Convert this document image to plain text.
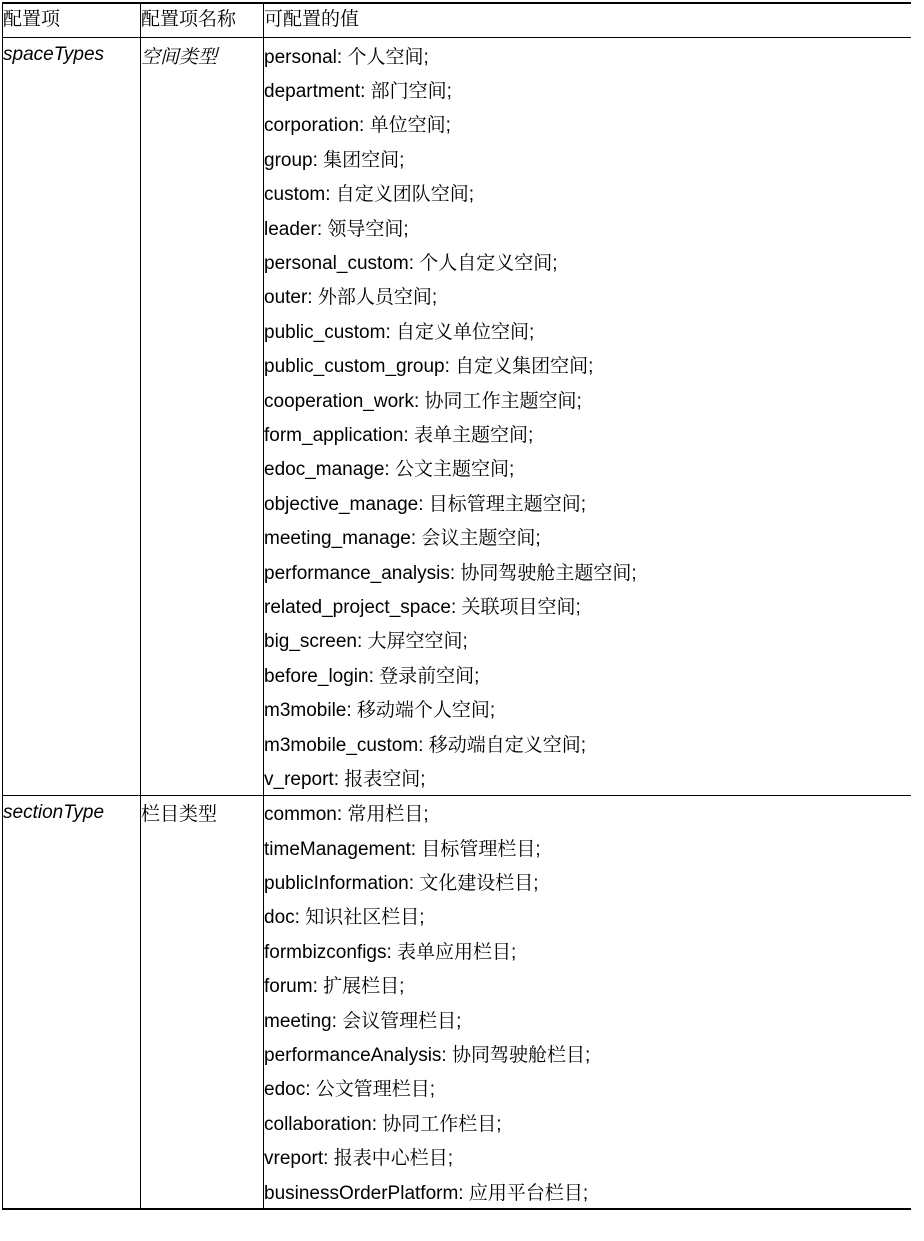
配置项	配置项名称	可配置的值

spaceTypes	空间类型	personal: 个人空间;
department: 部门空间;
corporation: 单位空间;
group: 集团空间;
custom: 自定义团队空间;
leader: 领导空间;
personal_custom: 个人自定义空间;
outer: 外部人员空间;
public_custom: 自定义单位空间;
public_custom_group: 自定义集团空间;
cooperation_work: 协同工作主题空间;
form_application: 表单主题空间;
edoc_manage: 公文主题空间;
objective_manage: 目标管理主题空间;
meeting_manage: 会议主题空间;
performance_analysis: 协同驾驶舱主题空间;
related_project_space: 关联项目空间;
big_screen: 大屏空空间;
before_login: 登录前空间;
m3mobile: 移动端个人空间;
m3mobile_custom: 移动端自定义空间;
v_report: 报表空间;

sectionType	栏目类型	common: 常用栏目;
timeManagement: 目标管理栏目;
publicInformation: 文化建设栏目;
doc: 知识社区栏目;
formbizconfigs: 表单应用栏目;
forum: 扩展栏目;
meeting: 会议管理栏目;
performanceAnalysis: 协同驾驶舱栏目;
edoc: 公文管理栏目;
collaboration: 协同工作栏目;
vreport: 报表中心栏目;
businessOrderPlatform: 应用平台栏目;
